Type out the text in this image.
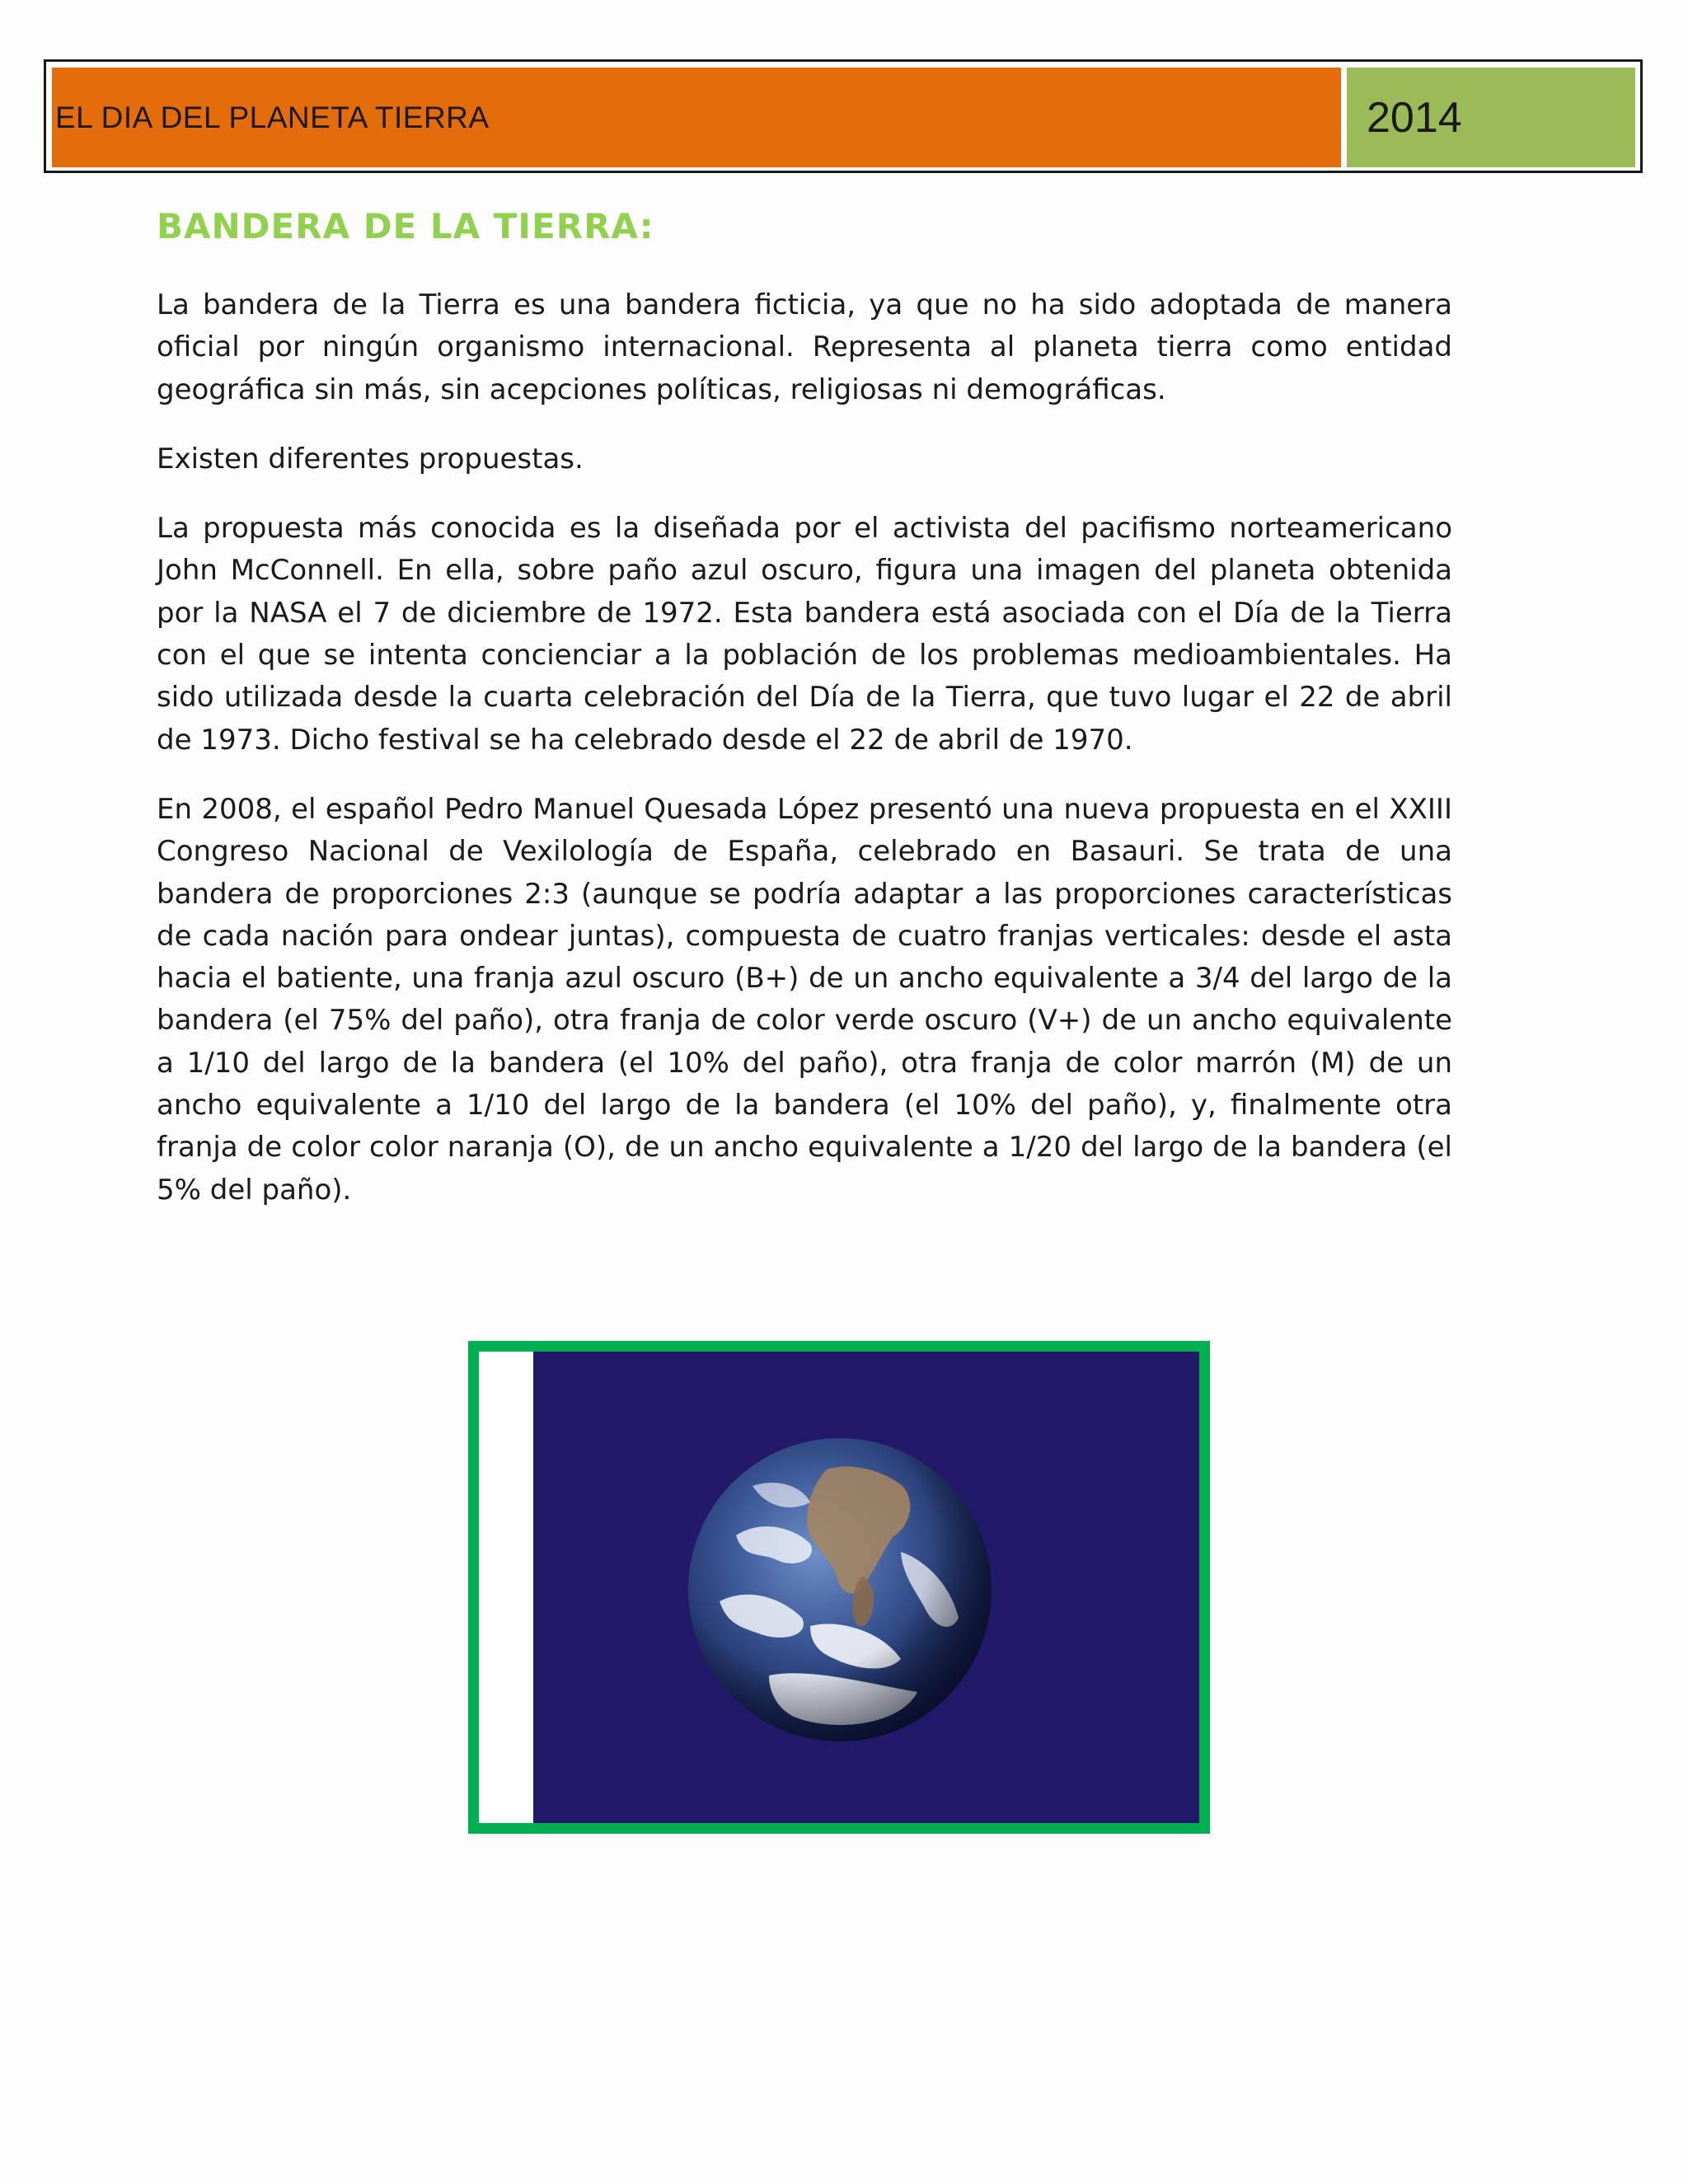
EL DIA DEL PLANETA TIERRA	2014
BANDERA DE LA TIERRA:

La bandera de la Tierra es una bandera ficticia, ya que no ha sido adoptada de manera oficial por ningún organismo internacional. Representa al planeta tierra como entidad geográfica sin más, sin acepciones políticas, religiosas ni demográficas.

Existen diferentes propuestas.

La propuesta más conocida es la diseñada por el activista del pacifismo norteamericano John McConnell. En ella, sobre paño azul oscuro, figura una imagen del planeta obtenida por la NASA el 7 de diciembre de 1972. Esta bandera está asociada con el Día de la Tierra con el que se intenta concienciar a la población de los problemas medioambientales. Ha sido utilizada desde la cuarta celebración del Día de la Tierra, que tuvo lugar el 22 de abril de 1973. Dicho festival se ha celebrado desde el 22 de abril de 1970.

En 2008, el español Pedro Manuel Quesada López presentó una nueva propuesta en el XXIII Congreso Nacional de Vexilología de España, celebrado en Basauri. Se trata de una bandera de proporciones 2:3 (aunque se podría adaptar a las proporciones características de cada nación para ondear juntas), compuesta de cuatro franjas verticales: desde el asta hacia el batiente, una franja azul oscuro (B+) de un ancho equivalente a 3/4 del largo de la bandera (el 75% del paño), otra franja de color verde oscuro (V+) de un ancho equivalente a 1/10 del largo de la bandera (el 10% del paño), otra franja de color marrón (M) de un ancho equivalente a 1/10 del largo de la bandera (el 10% del paño), y, finalmente otra franja de color color naranja (O), de un ancho equivalente a 1/20 del largo de la bandera (el 5% del paño).
